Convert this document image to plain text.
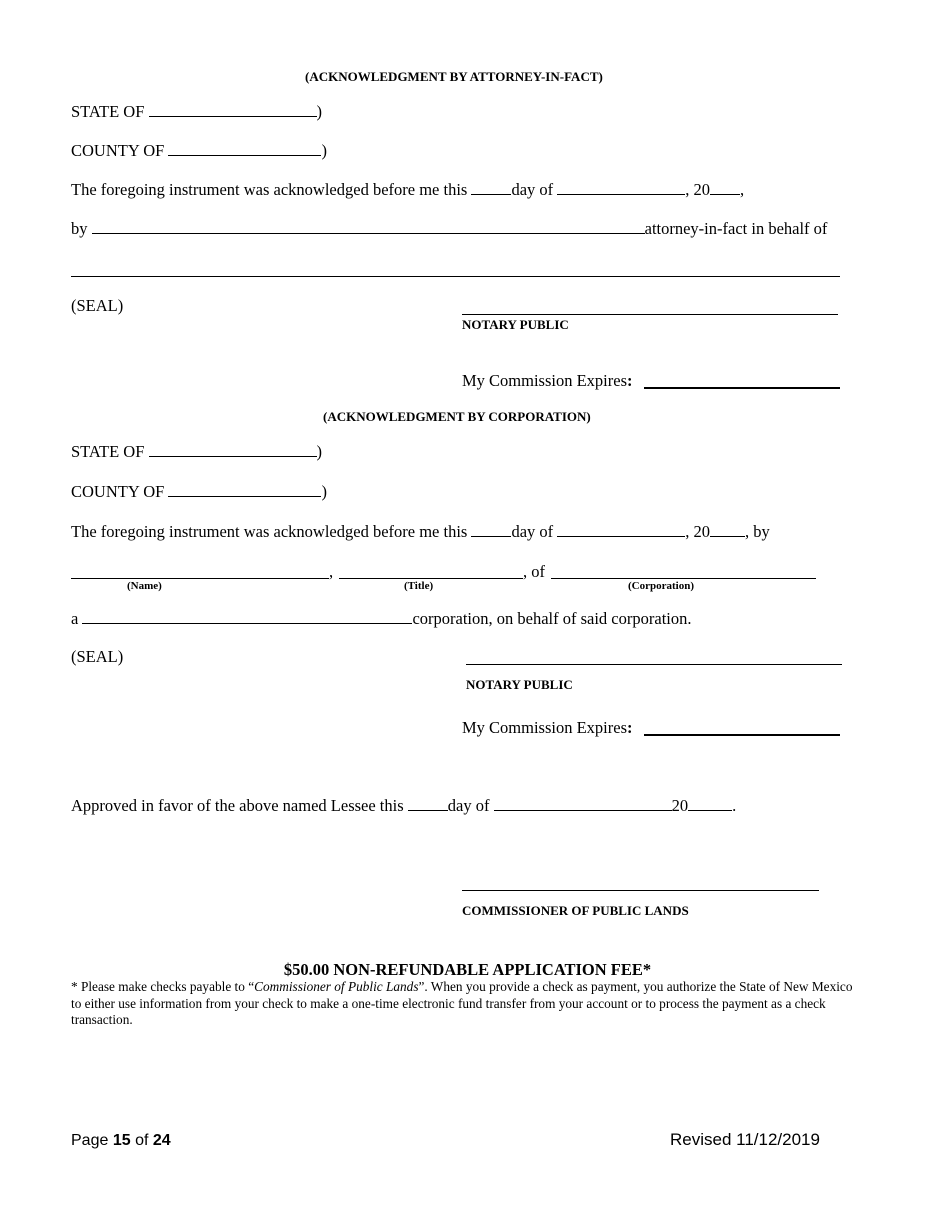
(ACKNOWLEDGMENT BY ATTORNEY-IN-FACT)
STATE OF	)
COUNTY OF	)
The foregoing instrument was acknowledged before me this	day of	, 20 ,
by	attorney-in-fact in behalf of
(SEAL)
NOTARY PUBLIC
My Commission Expires:
(ACKNOWLEDGMENT BY CORPORATION)
STATE OF	)
COUNTY OF	)
The foregoing instrument was acknowledged before me this	day of	, 20 , by
,	, of
(Name)	(Title)	(Corporation)
a	corporation, on behalf of said corporation.
(SEAL)
NOTARY PUBLIC
My Commission Expires:
Approved in favor of the above named Lessee this	day of	20	.
COMMISSIONER OF PUBLIC LANDS
$50.00 NON-REFUNDABLE APPLICATION FEE*
* Please make checks payable to “Commissioner of Public Lands”. When you provide a check as payment, you authorize the State of New Mexico to either use information from your check to make a one-time electronic fund transfer from your account or to process the payment as a check transaction.
Page 15 of 24	Revised 11/12/2019
